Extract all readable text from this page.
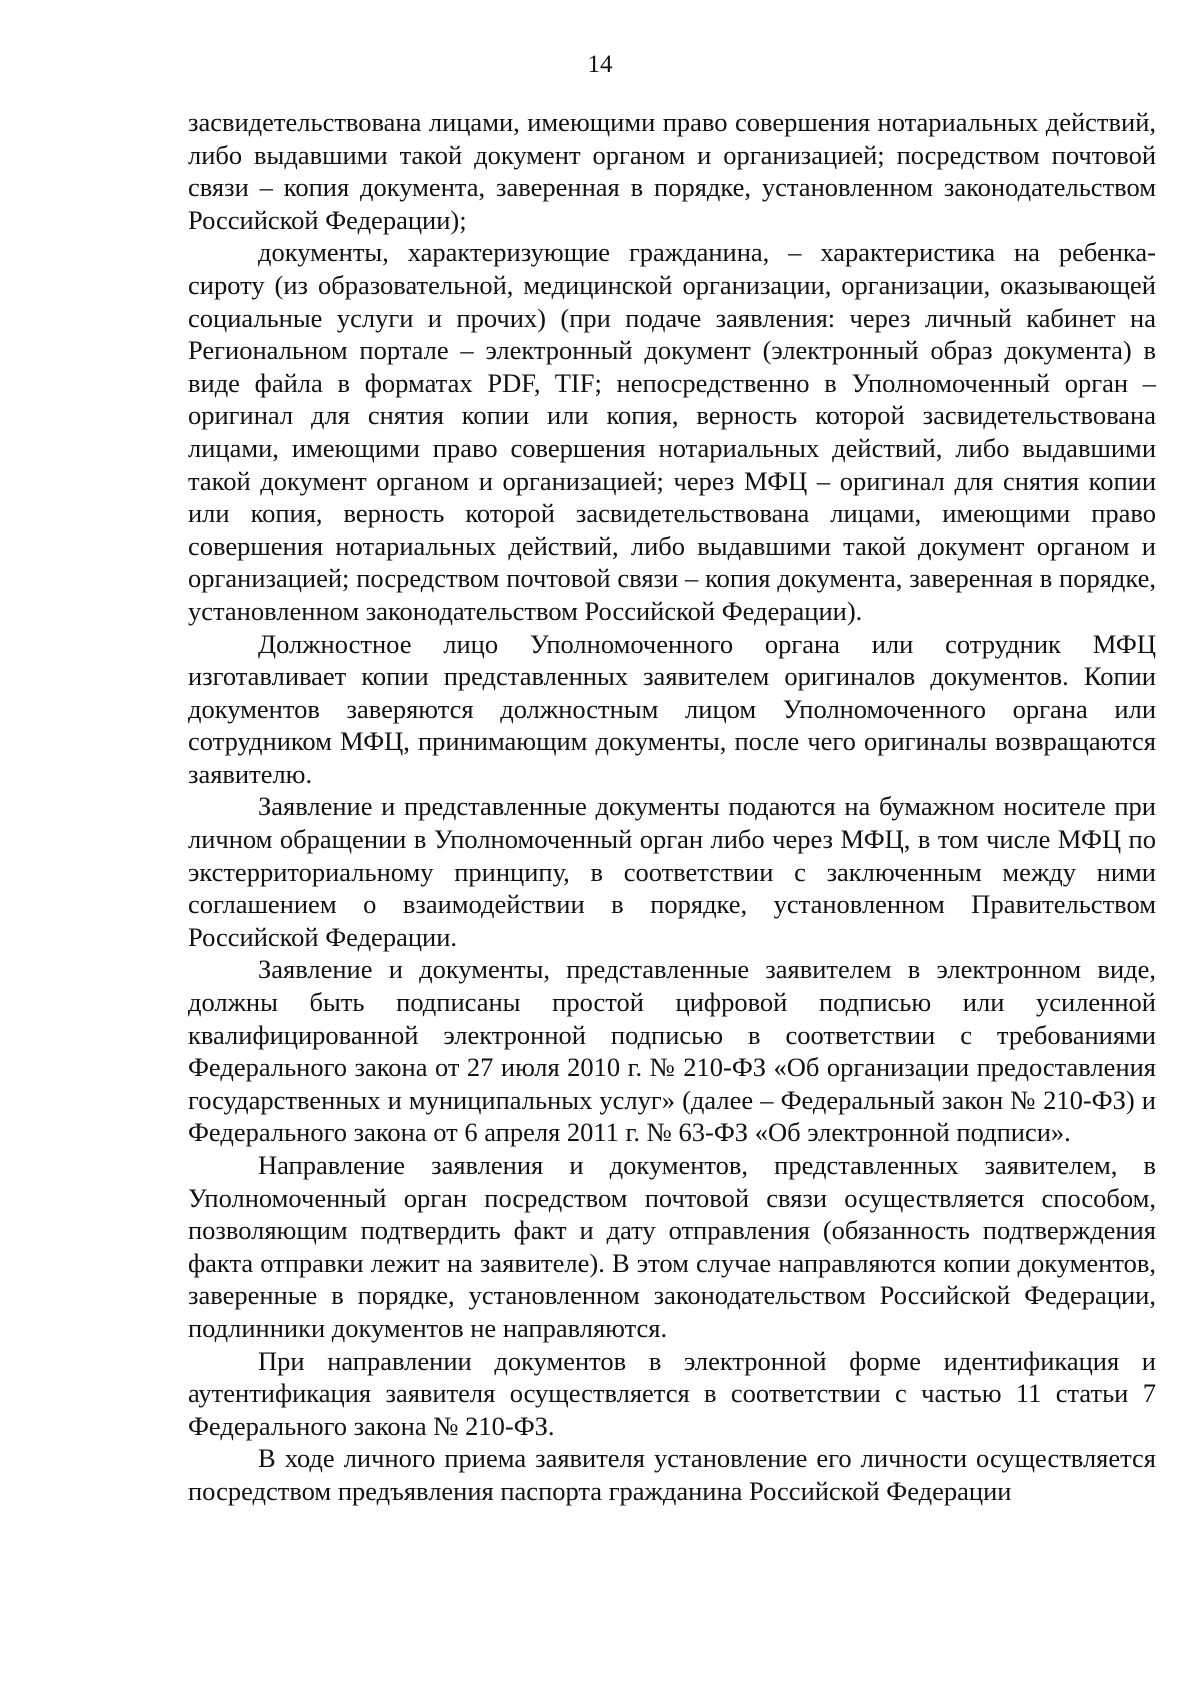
14

засвидетельствована лицами, имеющими право совершения нотариальных действий, либо выдавшими такой документ органом и организацией; посредством почтовой связи – копия документа, заверенная в порядке, установленном законодательством Российской Федерации);

документы, характеризующие гражданина, – характеристика на ребенка-сироту (из образовательной, медицинской организации, организации, оказывающей социальные услуги и прочих) (при подаче заявления: через личный кабинет на Региональном портале – электронный документ (электронный образ документа) в виде файла в форматах PDF, TIF; непосредственно в Уполномоченный орган – оригинал для снятия копии или копия, верность которой засвидетельствована лицами, имеющими право совершения нотариальных действий, либо выдавшими такой документ органом и организацией; через МФЦ – оригинал для снятия копии или копия, верность которой засвидетельствована лицами, имеющими право совершения нотариальных действий, либо выдавшими такой документ органом и организацией; посредством почтовой связи – копия документа, заверенная в порядке, установленном законодательством Российской Федерации).

Должностное лицо Уполномоченного органа или сотрудник МФЦ изготавливает копии представленных заявителем оригиналов документов. Копии документов заверяются должностным лицом Уполномоченного органа или сотрудником МФЦ, принимающим документы, после чего оригиналы возвращаются заявителю.

Заявление и представленные документы подаются на бумажном носителе при личном обращении в Уполномоченный орган либо через МФЦ, в том числе МФЦ по экстерриториальному принципу, в соответствии с заключенным между ними соглашением о взаимодействии в порядке, установленном Правительством Российской Федерации.

Заявление и документы, представленные заявителем в электронном виде, должны быть подписаны простой цифровой подписью или усиленной квалифицированной электронной подписью в соответствии с требованиями Федерального закона от 27 июля 2010 г. № 210-ФЗ «Об организации предоставления государственных и муниципальных услуг» (далее – Федеральный закон № 210-ФЗ) и Федерального закона от 6 апреля 2011 г. № 63-ФЗ «Об электронной подписи».

Направление заявления и документов, представленных заявителем, в Уполномоченный орган посредством почтовой связи осуществляется способом, позволяющим подтвердить факт и дату отправления (обязанность подтверждения факта отправки лежит на заявителе). В этом случае направляются копии документов, заверенные в порядке, установленном законодательством Российской Федерации, подлинники документов не направляются.

При направлении документов в электронной форме идентификация и аутентификация заявителя осуществляется в соответствии с частью 11 статьи 7 Федерального закона № 210-ФЗ.

В ходе личного приема заявителя установление его личности осуществляется посредством предъявления паспорта гражданина Российской Федерации
